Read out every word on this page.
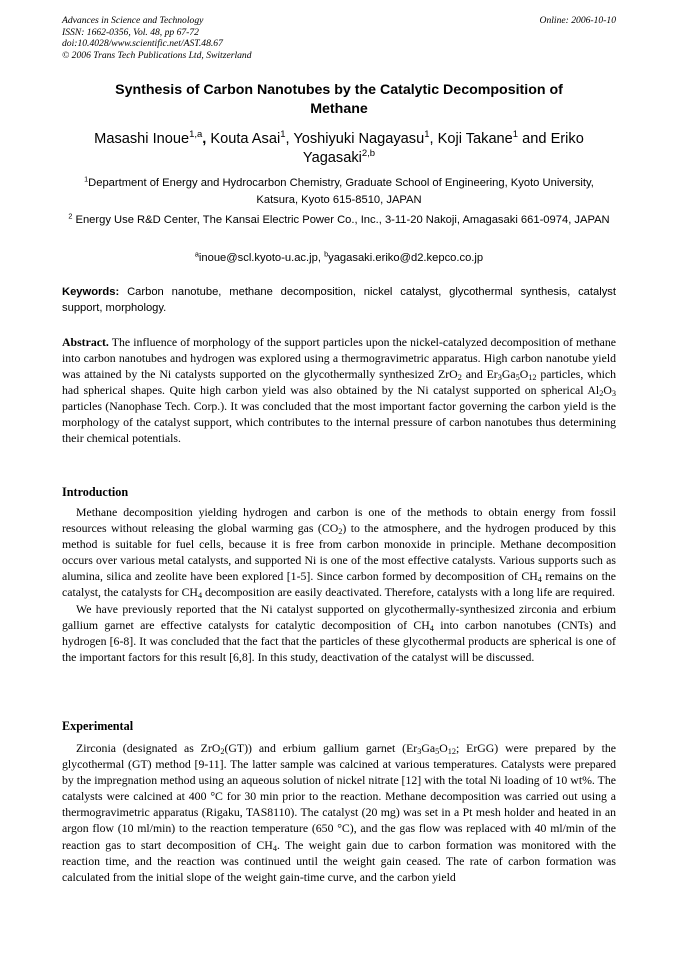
Advances in Science and Technology
ISSN: 1662-0356, Vol. 48, pp 67-72
doi:10.4028/www.scientific.net/AST.48.67
© 2006 Trans Tech Publications Ltd, Switzerland
Online: 2006-10-10
Synthesis of Carbon Nanotubes by the Catalytic Decomposition of
Methane
Masashi Inoue$^{1,a}$, Kouta Asai$^1$, Yoshiyuki Nagayasu$^1$, Koji Takane$^1$ and Eriko Yagasaki$^{2,b}$
$^1$Department of Energy and Hydrocarbon Chemistry, Graduate School of Engineering, Kyoto University, Katsura, Kyoto 615-8510, JAPAN
$^2$ Energy Use R&D Center, The Kansai Electric Power Co., Inc., 3-11-20 Nakoji, Amagasaki 661-0974, JAPAN
$^a$inoue@scl.kyoto-u.ac.jp, $^b$yagasaki.eriko@d2.kepco.co.jp
Keywords: Carbon nanotube, methane decomposition, nickel catalyst, glycothermal synthesis, catalyst support, morphology.
Abstract. The influence of morphology of the support particles upon the nickel-catalyzed decomposition of methane into carbon nanotubes and hydrogen was explored using a thermogravimetric apparatus. High carbon nanotube yield was attained by the Ni catalysts supported on the glycothermally synthesized ZrO$_2$ and $Er_3Ga_5O_{12}$ particles, which had spherical shapes. Quite high carbon yield was also obtained by the Ni catalyst supported on spherical $Al_2O_3$ particles (Nanophase Tech. Corp.). It was concluded that the most important factor governing the carbon yield is the morphology of the catalyst support, which contributes to the internal pressure of carbon nanotubes thus determining their chemical potentials.
Introduction

Methane decomposition yielding hydrogen and carbon is one of the methods to obtain energy from fossil resources without releasing the global warming gas $(CO_2)$ to the atmosphere, and the hydrogen produced by this method is suitable for fuel cells, because it is free from carbon monoxide in principle. Methane decomposition occurs over various metal catalysts, and supported Ni is one of the most effective catalysts. Various supports such as alumina, silica and zeolite have been explored [1-5]. Since carbon formed by decomposition of $CH_4$ remains on the catalyst, the catalysts for $CH_4$ decomposition are easily deactivated. Therefore, catalysts with a long life are required.

We have previously reported that the Ni catalyst supported on glycothermally-synthesized zirconia and erbium gallium garnet are effective catalysts for catalytic decomposition of $CH_4$ into carbon nanotubes (CNTs) and hydrogen [6-8]. It was concluded that the fact that the particles of these glycothermal products are spherical is one of the important factors for this result [6,8]. In this study, deactivation of the catalyst will be discussed.

Experimental

Zirconia (designated as ZrO$_2$(GT)) and erbium gallium garnet ($Er_3Ga_5O_{12}$; ErGG) were prepared by the glycothermal (GT) method [9-11]. The latter sample was calcined at various temperatures. Catalysts were prepared by the impregnation method using an aqueous solution of nickel nitrate [12] with the total Ni loading of 10 wt%. The catalysts were calcined at 400 °C for 30 min prior to the reaction. Methane decomposition was carried out using a thermogravimetric apparatus (Rigaku, TAS8110). The catalyst (20 mg) was set in a Pt mesh holder and heated in an argon flow (10 ml/min) to the reaction temperature (650 °C), and the gas flow was replaced with 40 ml/min of the reaction gas to start decomposition of $CH_4$. The weight gain due to carbon formation was monitored with the reaction time, and the reaction was continued until the weight gain ceased. The rate of carbon formation was calculated from the initial slope of the weight gain-time curve, and the carbon yield
